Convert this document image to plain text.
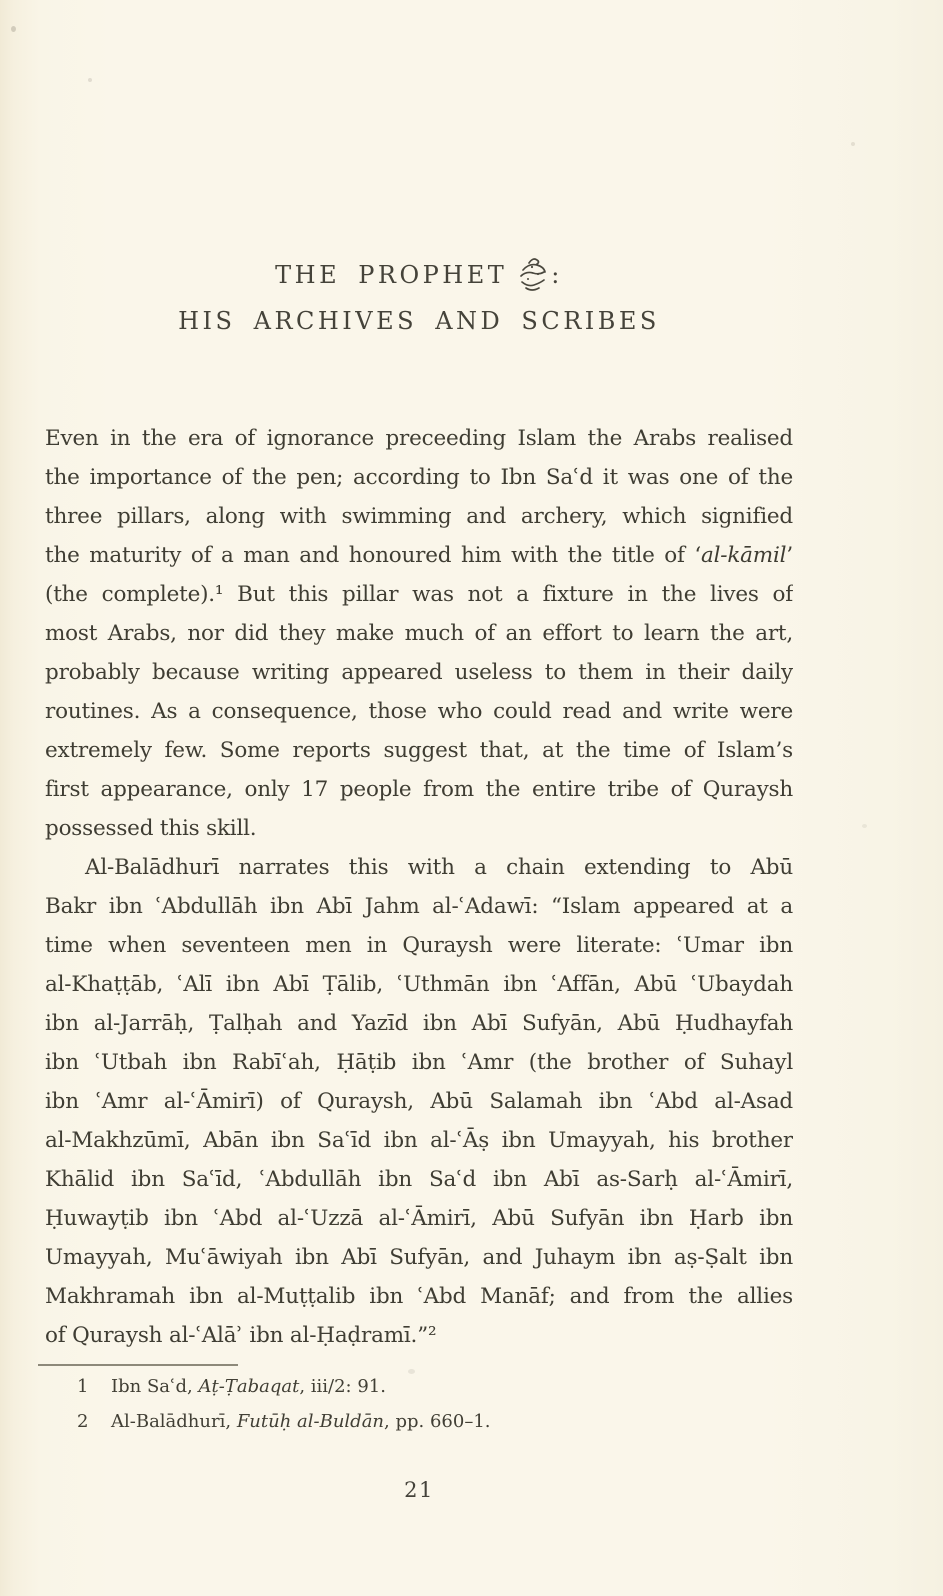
THE PROPHET :
HIS ARCHIVES AND SCRIBES
Even in the era of ignorance preceeding Islam the Arabs realised
the importance of the pen; according to Ibn Saʿd it was one of the
three pillars, along with swimming and archery, which signified
the maturity of a man and honoured him with the title of ‘al-kāmil’
(the complete).¹ But this pillar was not a fixture in the lives of
most Arabs, nor did they make much of an effort to learn the art,
probably because writing appeared useless to them in their daily
routines. As a consequence, those who could read and write were
extremely few. Some reports suggest that, at the time of Islam’s
first appearance, only 17 people from the entire tribe of Quraysh
possessed this skill.
Al-Balādhurī narrates this with a chain extending to Abū
Bakr ibn ʿAbdullāh ibn Abī Jahm al-ʿAdawī: “Islam appeared at a
time when seventeen men in Quraysh were literate: ʿUmar ibn
al-Khaṭṭāb, ʿAlī ibn Abī Ṭālib, ʿUthmān ibn ʿAffān, Abū ʿUbaydah
ibn al-Jarrāḥ, Ṭalḥah and Yazīd ibn Abī Sufyān, Abū Ḥudhayfah
ibn ʿUtbah ibn Rabīʿah, Ḥāṭib ibn ʿAmr (the brother of Suhayl
ibn ʿAmr al-ʿĀmirī) of Quraysh, Abū Salamah ibn ʿAbd al-Asad
al-Makhzūmī, Abān ibn Saʿīd ibn al-ʿĀṣ ibn Umayyah, his brother
Khālid ibn Saʿīd, ʿAbdullāh ibn Saʿd ibn Abī as-Sarḥ al-ʿĀmirī,
Ḥuwayṭib ibn ʿAbd al-ʿUzzā al-ʿĀmirī, Abū Sufyān ibn Ḥarb ibn
Umayyah, Muʿāwiyah ibn Abī Sufyān, and Juhaym ibn aṣ-Ṣalt ibn
Makhramah ibn al-Muṭṭalib ibn ʿAbd Manāf; and from the allies
of Quraysh al-ʿAlāʾ ibn al-Ḥaḍramī.”²
1 Ibn Saʿd, Aṭ-Ṭabaqat, iii/2: 91.
2 Al-Balādhurī, Futūḥ al-Buldān, pp. 660–1.
21
